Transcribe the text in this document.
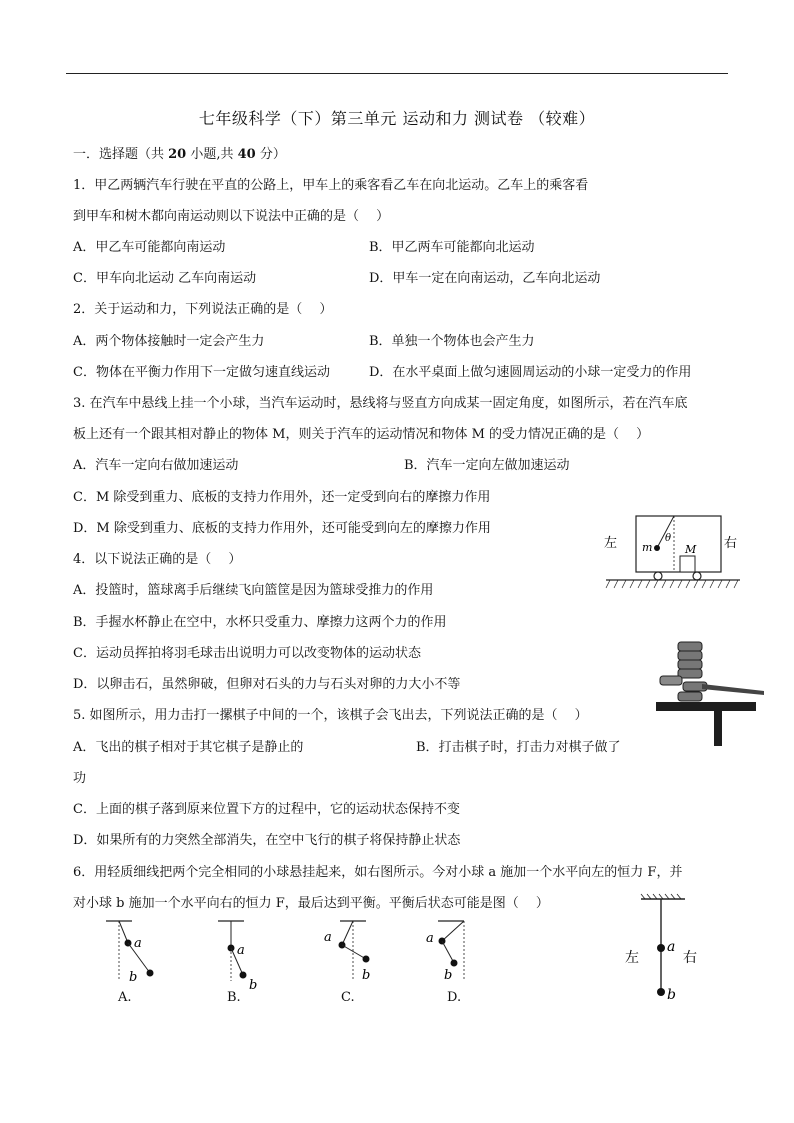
七年级科学（下）第三单元 运动和力 测试卷 （较难）
一．选择题（共 20 小题,共 40 分）
1．甲乙两辆汽车行驶在平直的公路上，甲车上的乘客看乙车在向北运动。乙车上的乘客看
到甲车和树木都向南运动则以下说法中正确的是（　 ）
A．甲乙车可能都向南运动	B．甲乙两车可能都向北运动
C．甲车向北运动 乙车向南运动	D．甲车一定在向南运动，乙车向北运动
2．关于运动和力，下列说法正确的是（　 ）
A．两个物体接触时一定会产生力	B．单独一个物体也会产生力
C．物体在平衡力作用下一定做匀速直线运动	D．在水平桌面上做匀速圆周运动的小球一定受力的作用
3. 在汽车中悬线上挂一个小球，当汽车运动时，悬线将与竖直方向成某一固定角度，如图所示，若在汽车底
板上还有一个跟其相对静止的物体 M，则关于汽车的运动情况和物体 M 的受力情况正确的是（　 ）
A．汽车一定向右做加速运动	B．汽车一定向左做加速运动
C．M 除受到重力、底板的支持力作用外，还一定受到向右的摩擦力作用
D．M 除受到重力、底板的支持力作用外，还可能受到向左的摩擦力作用
左	右
m
θ
M
4．以下说法正确的是（　 ）
A．投篮时，篮球离手后继续飞向篮筐是因为篮球受推力的作用
B．手握水杯静止在空中，水杯只受重力、摩擦力这两个力的作用
C．运动员挥拍将羽毛球击出说明力可以改变物体的运动状态
D．以卵击石，虽然卵破，但卵对石头的力与石头对卵的力大小不等
5. 如图所示，用力击打一摞棋子中间的一个，该棋子会飞出去，下列说法正确的是（　 ）
A．飞出的棋子相对于其它棋子是静止的	B．打击棋子时，打击力对棋子做了
功
C．上面的棋子落到原来位置下方的过程中，它的运动状态保持不变
D．如果所有的力突然全部消失，在空中飞行的棋子将保持静止状态
6．用轻质细线把两个完全相同的小球悬挂起来，如右图所示。今对小球 a 施加一个水平向左的恒力 F，并
对小球 b 施加一个水平向右的恒力 F，最后达到平衡。平衡后状态可能是图（　 ）
a
b
a
b
a
b
a
b
A.	B.	C.	D.
a
b
左	右
